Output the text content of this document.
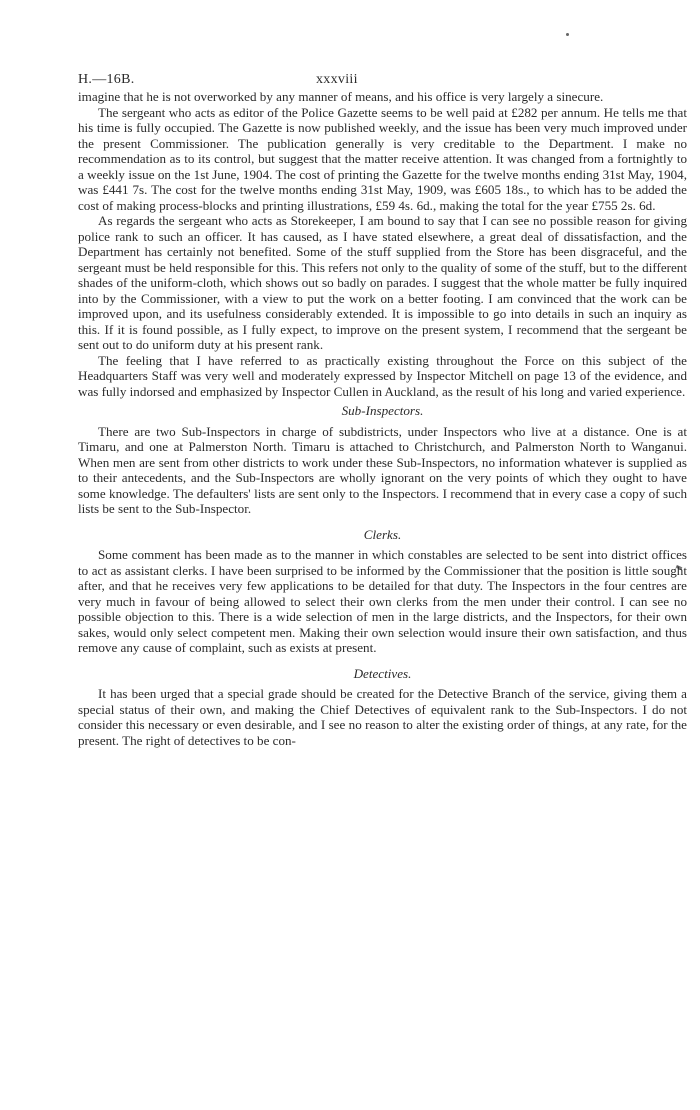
H.—16B.	xxxviii

imagine that he is not overworked by any manner of means, and his office is very largely a sinecure.

The sergeant who acts as editor of the Police Gazette seems to be well paid at £282 per annum. He tells me that his time is fully occupied. The Gazette is now published weekly, and the issue has been very much improved under the present Commissioner. The publication generally is very creditable to the Department. I make no recommendation as to its control, but suggest that the matter receive attention. It was changed from a fortnightly to a weekly issue on the 1st June, 1904. The cost of printing the Gazette for the twelve months ending 31st May, 1904, was £441 7s. The cost for the twelve months ending 31st May, 1909, was £605 18s., to which has to be added the cost of making process-blocks and printing illustrations, £59 4s. 6d., making the total for the year £755 2s. 6d.

As regards the sergeant who acts as Storekeeper, I am bound to say that I can see no possible reason for giving police rank to such an officer. It has caused, as I have stated elsewhere, a great deal of dissatisfaction, and the Department has certainly not benefited. Some of the stuff supplied from the Store has been disgraceful, and the sergeant must be held responsible for this. This refers not only to the quality of some of the stuff, but to the different shades of the uniform-cloth, which shows out so badly on parades. I suggest that the whole matter be fully inquired into by the Commissioner, with a view to put the work on a better footing. I am convinced that the work can be improved upon, and its usefulness considerably extended. It is impossible to go into details in such an inquiry as this. If it is found possible, as I fully expect, to improve on the present system, I recommend that the sergeant be sent out to do uniform duty at his present rank.

The feeling that I have referred to as practically existing throughout the Force on this subject of the Headquarters Staff was very well and moderately expressed by Inspector Mitchell on page 13 of the evidence, and was fully indorsed and emphasized by Inspector Cullen in Auckland, as the result of his long and varied experience.

Sub-Inspectors.

There are two Sub-Inspectors in charge of subdistricts, under Inspectors who live at a distance. One is at Timaru, and one at Palmerston North. Timaru is attached to Christchurch, and Palmerston North to Wanganui. When men are sent from other districts to work under these Sub-Inspectors, no information whatever is supplied as to their antecedents, and the Sub-Inspectors are wholly ignorant on the very points of which they ought to have some knowledge. The defaulters' lists are sent only to the Inspectors. I recommend that in every case a copy of such lists be sent to the Sub-Inspector.

Clerks.

Some comment has been made as to the manner in which constables are selected to be sent into district offices to act as assistant clerks. I have been surprised to be informed by the Commissioner that the position is little sought after, and that he receives very few applications to be detailed for that duty. The Inspectors in the four centres are very much in favour of being allowed to select their own clerks from the men under their control. I can see no possible objection to this. There is a wide selection of men in the large districts, and the Inspectors, for their own sakes, would only select competent men. Making their own selection would insure their own satisfaction, and thus remove any cause of complaint, such as exists at present.

Detectives.

It has been urged that a special grade should be created for the Detective Branch of the service, giving them a special status of their own, and making the Chief Detectives of equivalent rank to the Sub-Inspectors. I do not consider this necessary or even desirable, and I see no reason to alter the existing order of things, at any rate, for the present. The right of detectives to be con-
